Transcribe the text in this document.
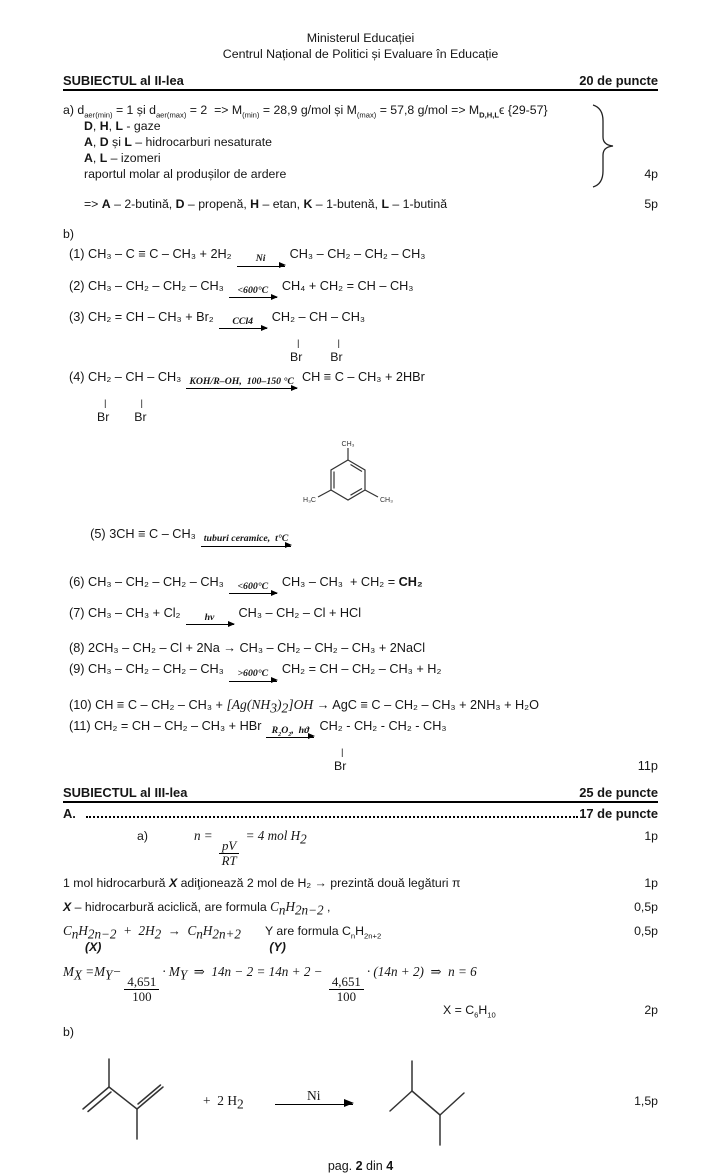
Ministerul Educației
Centrul Național de Politici și Evaluare în Educație
SUBIECTUL al II-lea	20 de puncte
a) $d_{aer(min)} = 1$ și $d_{aer(max)} = 2 => M_{(min)} = 28,9$ g/mol și $M_{(max)} = 57,8$ $g/mol => M_{D,H,L}\epsilon$ {29-57}
D, H, L - gaze
A, D și L – hidrocarburi nesaturate
A, L – izomeri
raportul molar al produșilor de ardere	4p
=> A – 2-butină, D – propenă, H – etan, K – 1-butenă, L – 1-butină	5p
b)
(1) CH₃ – C ≡ C – CH₃ + 2H₂	Ni CH₃ – CH₂ – CH₂ – CH₃
(2) CH₃ – CH₂ – CH₂ – CH₃	<600°C CH₄ + CH₂ = CH – CH₃
(3) CH₂ = CH – CH₃ + Br₂	CCl4 CH₂ – CH – CH₃
|	|
Br Br
(4) CH₂ – CH – CH₃ KOH/R–OH,  100–150 °C CH ≡ C – CH₃ + 2HBr
|	|
Br Br

(5) 3CH ≡ C – CH₃ tuburi ceramice,  t°C

CH₃
H₃C	CH₃

(6) CH₃ – CH₂ – CH₂ – CH₃	<600°C CH₃ – CH₃  + CH₂ = CH₂
(7) CH₃ – CH₃ + Cl₂	hν CH₃ – CH₂ – Cl + HCl
(8) 2CH₃ – CH₂ – Cl + 2Na → CH₃ – CH₂ – CH₂ – CH₃ + 2NaCl
(9) CH₃ – CH₂ – CH₂ – CH₃	>600°C CH₂ = CH – CH₂ – CH₃ + H₂
(10) CH ≡ $C - CH_2 - CH_3 + [Ag(NH_3)_2]OH$ → AgC ≡ C – CH₂ – CH₃ + 2NH₃ + H₂O
(11) CH₂ = CH – CH₂ – CH₃ + HBr	$R_2O_2$,  hϑ CH₂ - CH₂ - CH₂ - CH₃
|
Br	11p
SUBIECTUL al III-lea	25 de puncte
A.	17 de puncte
a)	n =
$\frac{pV}{RT}$
= 4 mol $H_2$	1p
1 mol hidrocarbură X adiţionează 2 mol de H₂ → prezintă două legături π	1p
X – hidrocarbură aciclică, are formula $C_nH_{2n-2}$ ,	0,5p
$C_nH_{2n-2} + 2H_2 \to C_nH_{2n+2}$ Y are formula $C_nH_{2n+2}$	0,5p
(X)	(Y)
$M_X =M_Y-$
$\frac{4,651}{100}$
· $M_Y$  ⇒  14n − 2 = 14n + 2 −
$\frac{4,651}{100}$
· (14n + 2)  ⇒  n = 6
$X = C_6H_{10}$	2p
b)
+  2 $H_2$
Ni	1,5p
pag. 2 din 4
